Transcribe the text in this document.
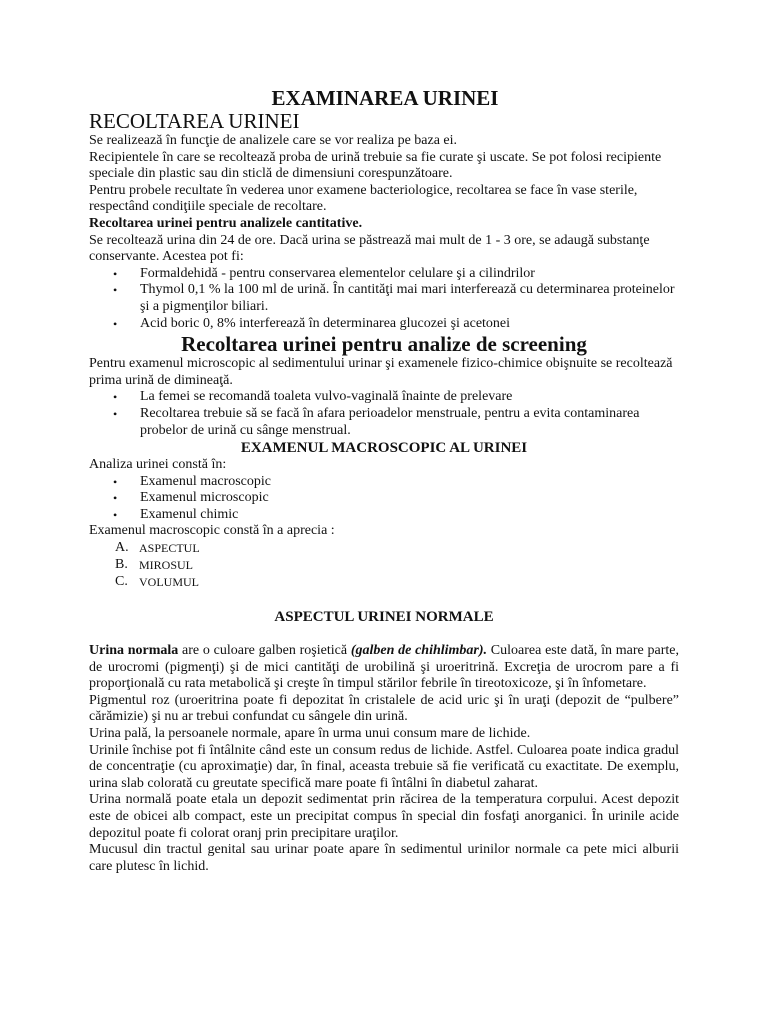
EXAMINAREA URINEI

RECOLTAREA URINEI

Se realizează în funcţie de analizele care se vor realiza pe baza ei.

Recipientele în care se recoltează proba de urină trebuie sa fie curate şi uscate. Se pot folosi recipiente speciale din plastic sau din sticlă de dimensiuni corespunzătoare.

Pentru probele recultate în vederea unor examene bacteriologice, recoltarea se face în vase sterile, respectând condiţiile speciale de recoltare.

Recoltarea urinei pentru analizele cantitative.

Se recoltează urina din 24 de ore. Dacă urina se păstrează mai mult de 1 - 3 ore, se adaugă substanţe conservante. Acestea pot fi:

• Formaldehidă - pentru conservarea elementelor celulare şi a cilindrilor
• Thymol 0,1 % la 100 ml de urină. În cantităţi mai mari interferează cu determinarea proteinelor şi a pigmenţilor biliari.
• Acid boric 0, 8% interferează în determinarea glucozei şi acetonei

Recoltarea urinei pentru analize de screening

Pentru examenul microscopic al sedimentului urinar şi examenele fizico-chimice obişnuite se recoltează prima urină de dimineaţă.

• La femei se recomandă toaleta vulvo-vaginală înainte de prelevare
• Recoltarea trebuie să se facă în afara perioadelor menstruale, pentru a evita contaminarea probelor de urină cu sânge menstrual.

EXAMENUL MACROSCOPIC AL URINEI

Analiza urinei constă în:

• Examenul macroscopic
• Examenul microscopic
• Examenul chimic

Examenul macroscopic constă în a aprecia :

A. ASPECTUL
B. MIROSUL
C. VOLUMUL

ASPECTUL URINEI NORMALE

Urina normala are o culoare galben roşietică (galben de chihlimbar). Culoarea este dată, în mare parte, de urocromi (pigmenţi) şi de mici cantităţi de urobilină şi uroeritrină. Excreţia de urocrom pare a fi proporţională cu rata metabolică şi creşte în timpul stărilor febrile în tireotoxicoze, şi în înfometare.

Pigmentul roz (uroeritrina poate fi depozitat în cristalele de acid uric şi în uraţi (depozit de “pulbere” cărămizie) şi nu ar trebui confundat cu sângele din urină.

Urina palǎ, la persoanele normale, apare în urma unui consum mare de lichide.

Urinile închise pot fi întâlnite când este un consum redus de lichide. Astfel. Culoarea poate indica gradul de concentraţie (cu aproximaţie) dar, în final, aceasta trebuie să fie verificată cu exactitate. De exemplu, urina slab colorată cu greutate specifică mare poate fi întâlni în diabetul zaharat.

Urina normală poate etala un depozit sedimentat prin răcirea de la temperatura corpului. Acest depozit este de obicei alb compact, este un precipitat compus în special din fosfaţi anorganici. În urinile acide depozitul poate fi colorat oranj prin precipitare uraţilor.

Mucusul din tractul genital sau urinar poate apare în sedimentul urinilor normale ca pete mici alburii care plutesc în lichid.
